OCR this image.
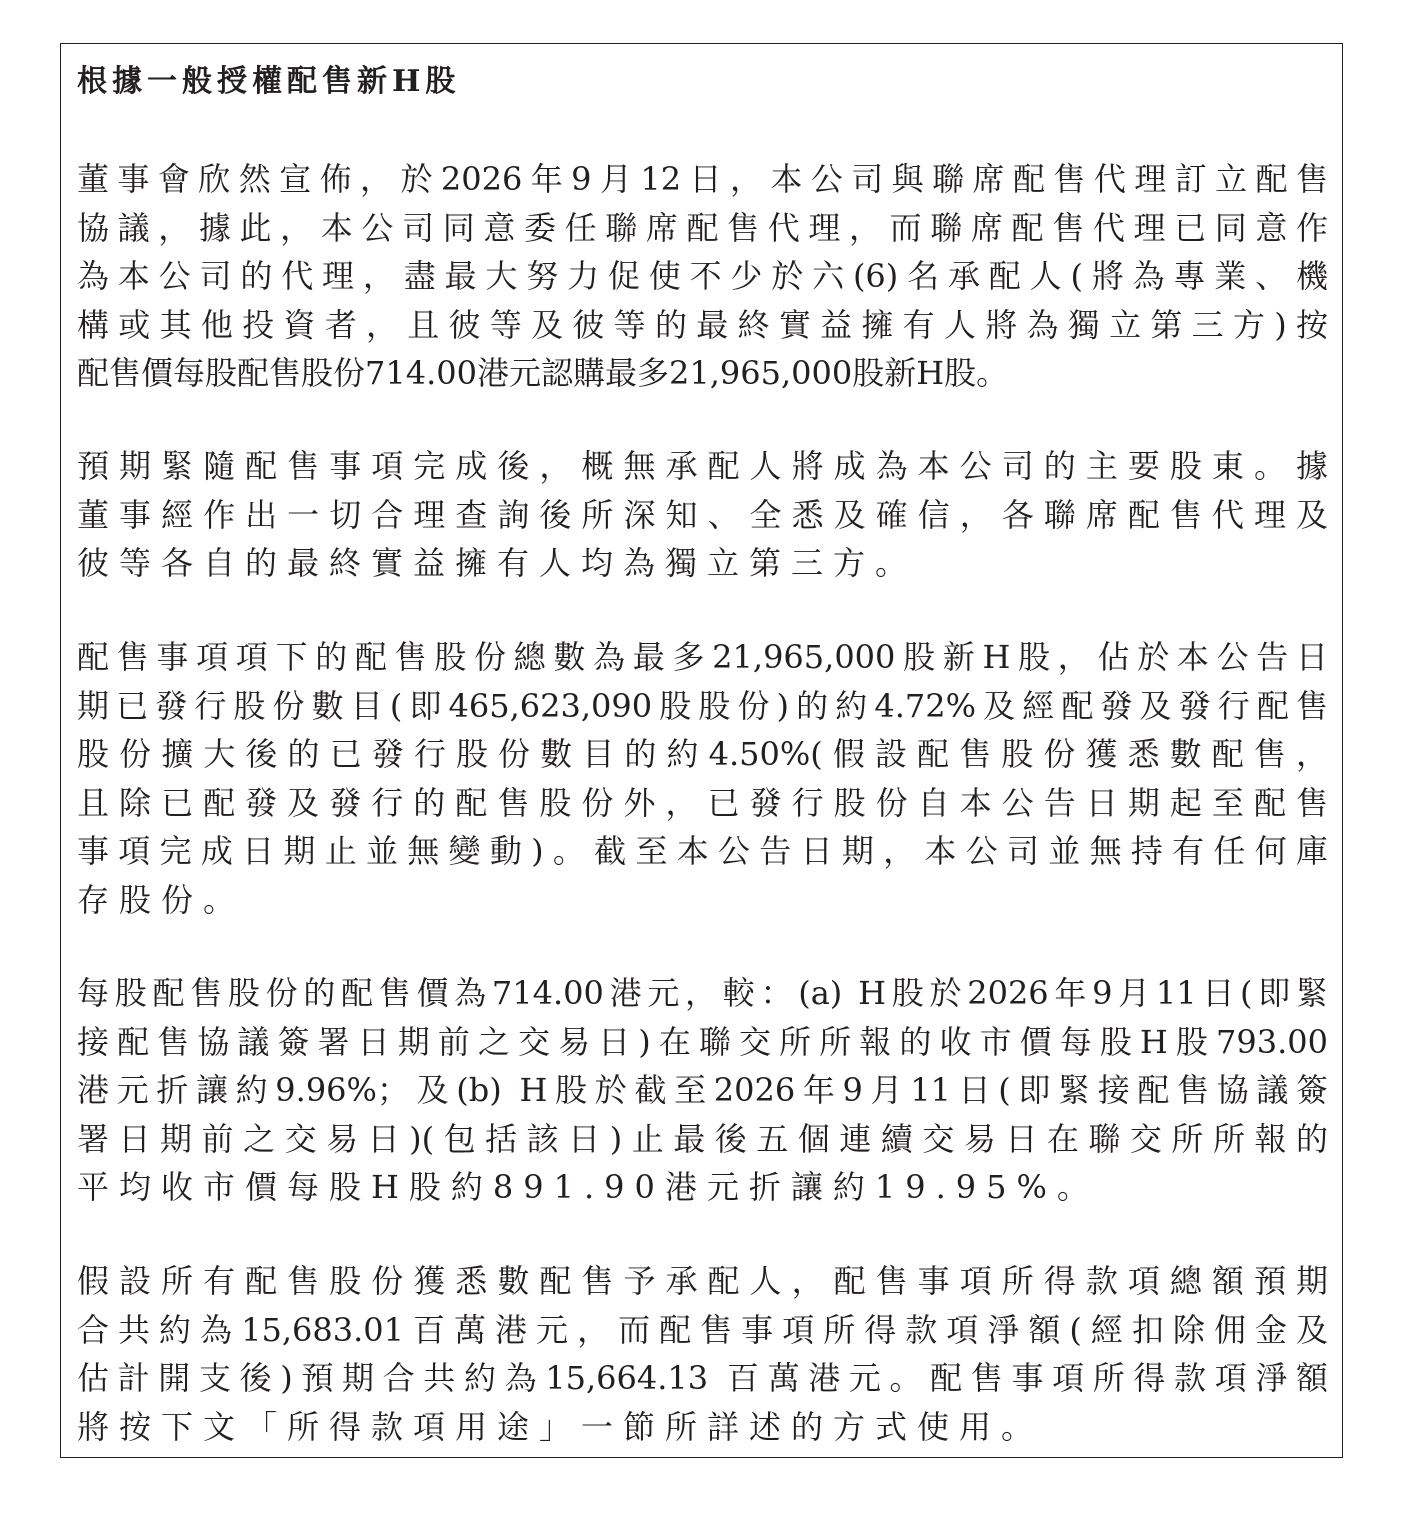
根據一般授權配售新H股
董事會欣然宣佈，於2026年9月12日，本公司與聯席配售代理訂立配售
協議，據此，本公司同意委任聯席配售代理，而聯席配售代理已同意作
為本公司的代理，盡最大努力促使不少於六(6)名承配人(將為專業、機
構或其他投資者，且彼等及彼等的最終實益擁有人將為獨立第三方)按
配售價每股配售股份714.00港元認購最多21,965,000股新H股。
預期緊隨配售事項完成後，概無承配人將成為本公司的主要股東。據
董事經作出一切合理查詢後所深知、全悉及確信，各聯席配售代理及
彼等各自的最終實益擁有人均為獨立第三方。
配售事項項下的配售股份總數為最多21,965,000股新H股，佔於本公告日
期已發行股份數目(即465,623,090股股份)的約4.72%及經配發及發行配售
股份擴大後的已發行股份數目的約4.50%(假設配售股份獲悉數配售，
且除已配發及發行的配售股份外，已發行股份自本公告日期起至配售
事項完成日期止並無變動)。截至本公告日期，本公司並無持有任何庫
存股份。
每股配售股份的配售價為714.00港元，較：(a) H股於2026年9月11日(即緊
接配售協議簽署日期前之交易日)在聯交所所報的收市價每股H股793.00
港元折讓約9.96%；及(b) H股於截至2026年9月11日(即緊接配售協議簽
署日期前之交易日)(包括該日)止最後五個連續交易日在聯交所所報的
平均收市價每股H股約891.90港元折讓約19.95%。
假設所有配售股份獲悉數配售予承配人，配售事項所得款項總額預期
合共約為15,683.01百萬港元，而配售事項所得款項淨額(經扣除佣金及
估計開支後)預期合共約為15,664.13 百萬港元。配售事項所得款項淨額
將按下文「所得款項用途」一節所詳述的方式使用。
